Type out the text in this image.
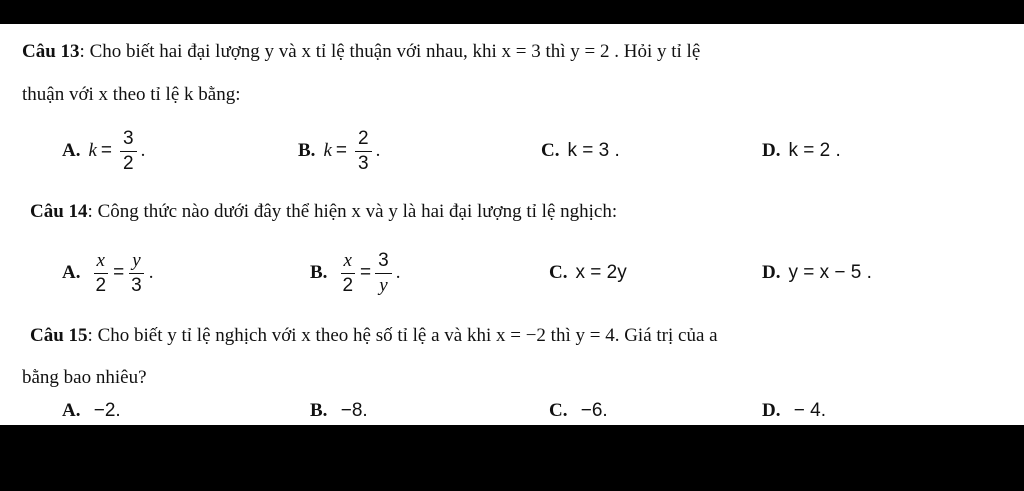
Câu 13: Cho biết hai đại lượng y và x tỉ lệ thuận với nhau, khi x = 3 thì y = 2 . Hỏi y tỉ lệ
thuận với x theo tỉ lệ k bằng:
A. $k = \frac{3}{2}$ .	B. $k = \frac{2}{3}$ .	C. k = 3 .	D. k = 2 .
Câu 14: Công thức nào dưới đây thể hiện x và y là hai đại lượng tỉ lệ nghịch:
A. $\frac{x}{2} = \frac{y}{3}$ .	B. $\frac{x}{2} = \frac{3}{y}$ .	C. x = 2y	D. y = x − 5 .
Câu 15: Cho biết y tỉ lệ nghịch với x theo hệ số tỉ lệ a và khi x = −2 thì y = 4. Giá trị của a
bằng bao nhiêu?
A. −2.	B. −8.	C. −6.	D. − 4.
